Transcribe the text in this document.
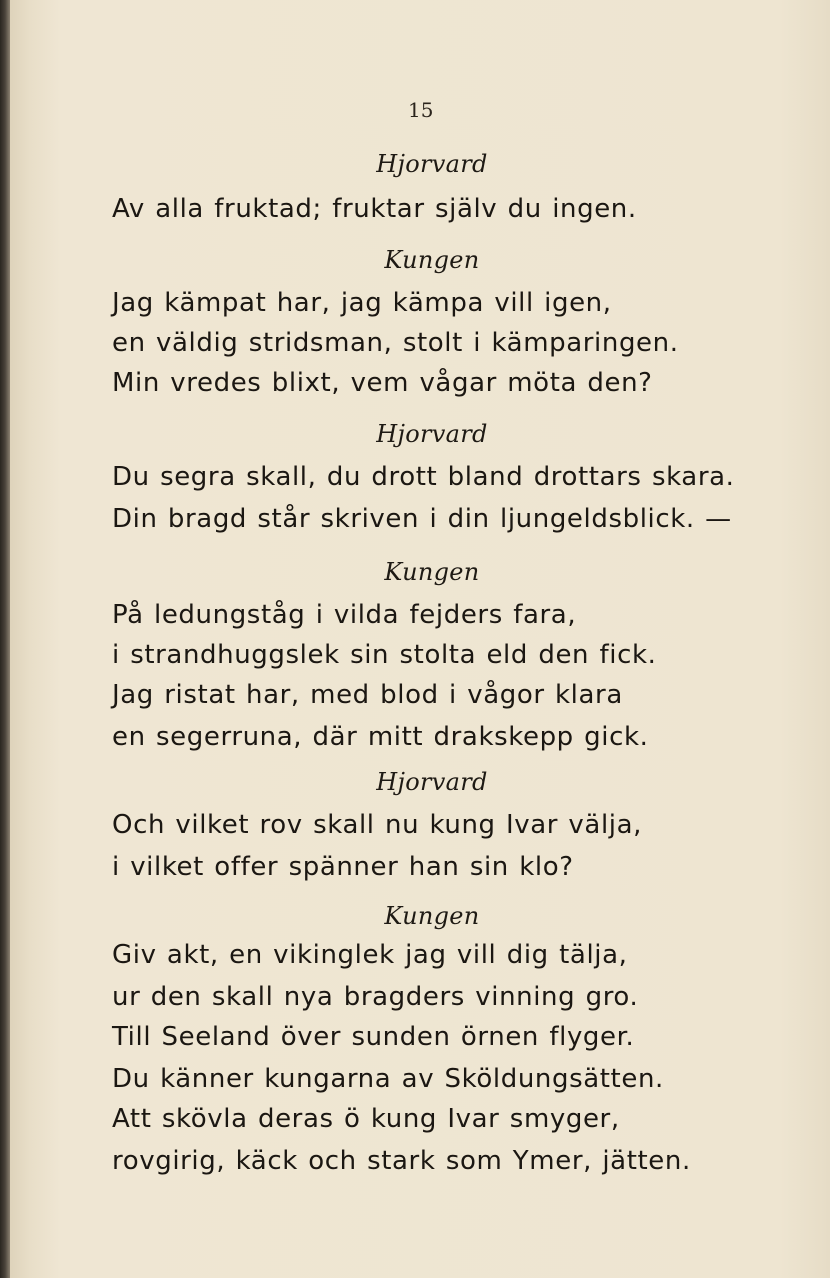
15
Hjorvard
Av alla fruktad; fruktar själv du ingen.
Kungen
Jag kämpat har, jag kämpa vill igen,
en väldig stridsman, stolt i kämparingen.
Min vredes blixt, vem vågar möta den?
Hjorvard
Du segra skall, du drott bland drottars skara.
Din bragd står skriven i din ljungeldsblick. —
Kungen
På ledungståg i vilda fejders fara,
i strandhuggslek sin stolta eld den fick.
Jag ristat har, med blod i vågor klara
en segerruna, där mitt drakskepp gick.
Hjorvard
Och vilket rov skall nu kung Ivar välja,
i vilket offer spänner han sin klo?
Kungen
Giv akt, en vikinglek jag vill dig tälja,
ur den skall nya bragders vinning gro.
Till Seeland över sunden örnen flyger.
Du känner kungarna av Sköldungsätten.
Att skövla deras ö kung Ivar smyger,
rovgirig, käck och stark som Ymer, jätten.
